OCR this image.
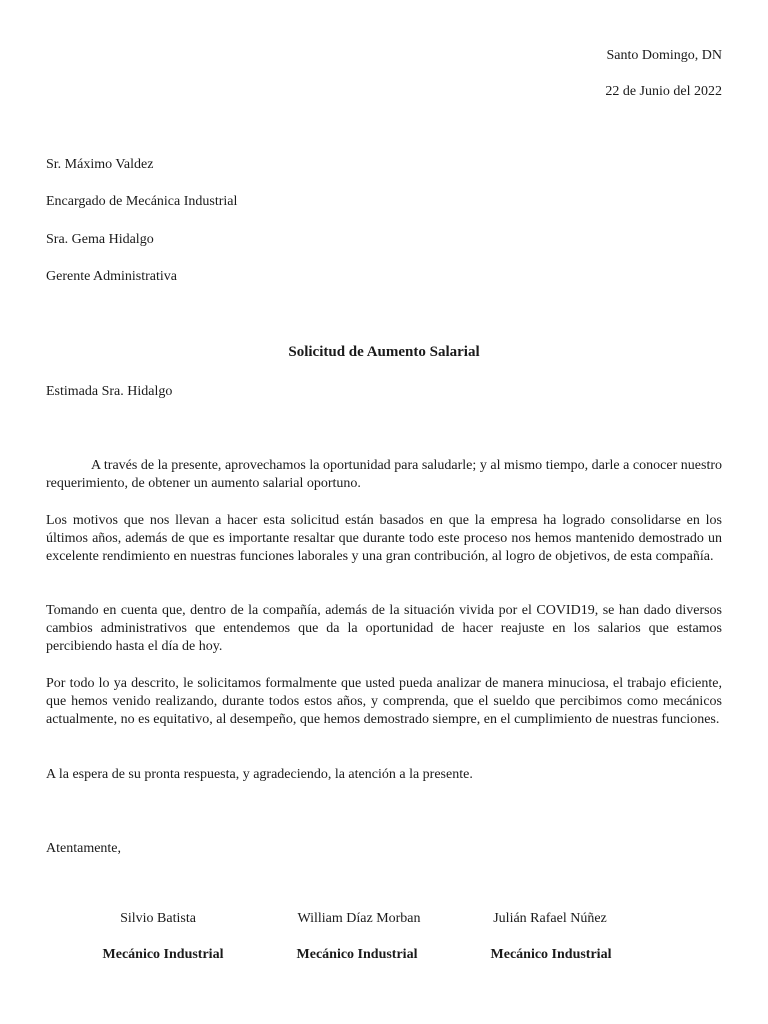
Santo Domingo, DN
22 de Junio del 2022
Sr. Máximo Valdez
Encargado de Mecánica Industrial
Sra. Gema Hidalgo
Gerente Administrativa
Solicitud de Aumento Salarial
Estimada Sra. Hidalgo
A través de la presente, aprovechamos la oportunidad para saludarle; y al mismo tiempo, darle a conocer nuestro requerimiento, de obtener un aumento salarial oportuno.
Los motivos que nos llevan a hacer esta solicitud están basados en que la empresa ha logrado consolidarse en los últimos años, además de que es importante resaltar que durante todo este proceso nos hemos mantenido demostrado un excelente rendimiento en nuestras funciones laborales y una gran contribución, al logro de objetivos, de esta compañía.
Tomando en cuenta que, dentro de la compañía, además de la situación vivida por el COVID19, se han dado diversos cambios administrativos que entendemos que da la oportunidad de hacer reajuste en los salarios que estamos percibiendo hasta el día de hoy.
Por todo lo ya descrito, le solicitamos formalmente que usted pueda analizar de manera minuciosa, el trabajo eficiente, que hemos venido realizando, durante todos estos años, y comprenda, que el sueldo que percibimos como mecánicos actualmente, no es equitativo, al desempeño, que hemos demostrado siempre, en el cumplimiento de nuestras funciones.
A la espera de su pronta respuesta, y agradeciendo, la atención a la presente.
Atentamente,
Silvio Batista
Mecánico Industrial
William Díaz Morban
Mecánico Industrial
Julián Rafael Núñez
Mecánico Industrial
